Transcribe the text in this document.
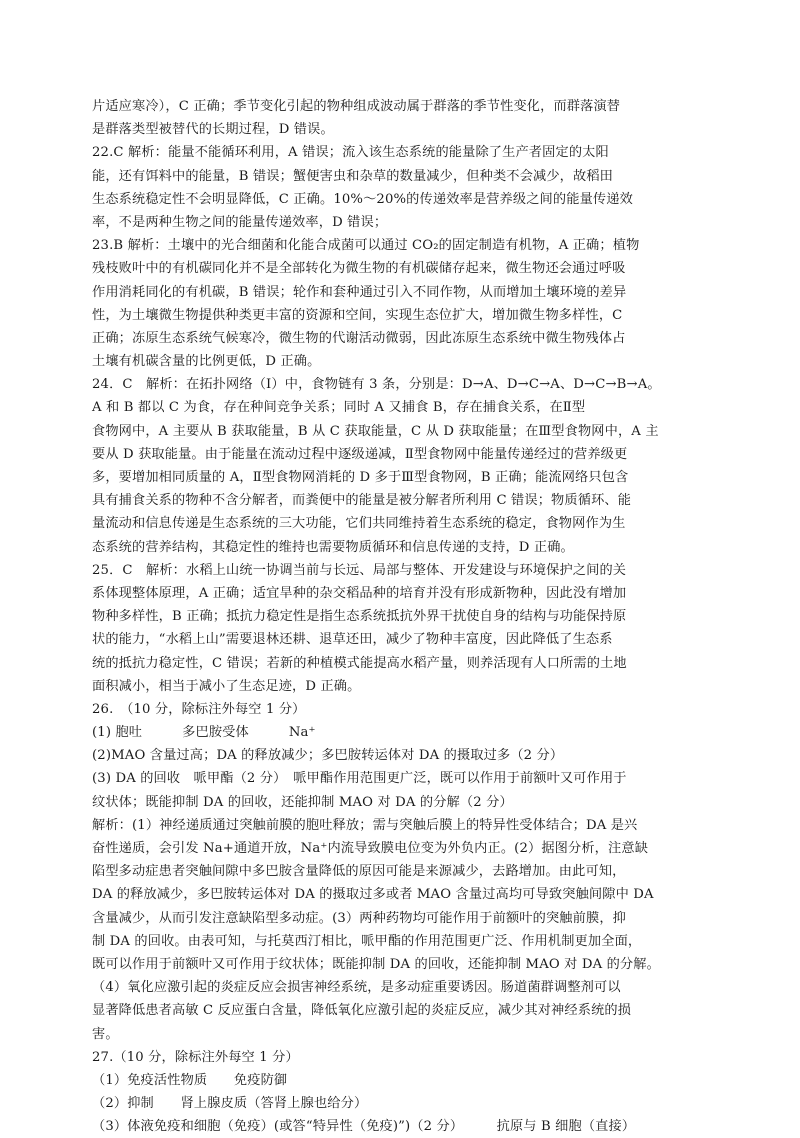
片适应寒冷），C 正确；季节变化引起的物种组成波动属于群落的季节性变化，而群落演替
是群落类型被替代的长期过程，D 错误。
22.C 解析：能量不能循环利用，A 错误；流入该生态系统的能量除了生产者固定的太阳
能，还有饵料中的能量，B 错误；蟹便害虫和杂草的数量减少，但种类不会减少，故稻田
生态系统稳定性不会明显降低，C 正确。10%～20%的传递效率是营养级之间的能量传递效
率，不是两种生物之间的能量传递效率，D 错误；
23.B 解析：土壤中的光合细菌和化能合成菌可以通过 CO₂的固定制造有机物，A 正确；植物
残枝败叶中的有机碳同化并不是全部转化为微生物的有机碳储存起来，微生物还会通过呼吸
作用消耗同化的有机碳，B 错误；轮作和套种通过引入不同作物，从而增加土壤环境的差异
性，为土壤微生物提供种类更丰富的资源和空间，实现生态位扩大，增加微生物多样性，C
正确；冻原生态系统气候寒冷，微生物的代谢活动微弱，因此冻原生态系统中微生物残体占
土壤有机碳含量的比例更低，D 正确。
24．C　解析：在拓扑网络（Ⅰ）中，食物链有 3 条，分别是：D→A、D→C→A、D→C→B→A。
A 和 B 都以 C 为食，存在种间竞争关系；同时 A 又捕食 B，存在捕食关系，在Ⅱ型
食物网中，A 主要从 B 获取能量，B 从 C 获取能量，C 从 D 获取能量；在Ⅲ型食物网中，A 主
要从 D 获取能量。由于能量在流动过程中逐级递减，Ⅱ型食物网中能量传递经过的营养级更
多，要增加相同质量的 A，Ⅱ型食物网消耗的 D 多于Ⅲ型食物网，B 正确；能流网络只包含
具有捕食关系的物种不含分解者，而粪便中的能量是被分解者所利用 C 错误；物质循环、能
量流动和信息传递是生态系统的三大功能，它们共同维持着生态系统的稳定，食物网作为生
态系统的营养结构，其稳定性的维持也需要物质循环和信息传递的支持，D 正确。
25．C　解析：水稻上山统一协调当前与长远、局部与整体、开发建设与环境保护之间的关
系体现整体原理，A 正确；适宜旱种的杂交稻品种的培育并没有形成新物种，因此没有增加
物种多样性，B 正确；抵抗力稳定性是指生态系统抵抗外界干扰使自身的结构与功能保持原
状的能力，“水稻上山”需要退林还耕、退草还田，减少了物种丰富度，因此降低了生态系
统的抵抗力稳定性，C 错误；若新的种植模式能提高水稻产量，则养活现有人口所需的土地
面积减小，相当于减小了生态足迹，D 正确。
26.　（10 分，除标注外每空 1 分）
(1) 胞吐　　　多巴胺受体　　　Na⁺
(2)MAO 含量过高；DA 的释放减少；多巴胺转运体对 DA 的摄取过多（2 分）
(3) DA 的回收　哌甲酯（2 分）　哌甲酯作用范围更广泛，既可以作用于前额叶又可作用于
纹状体；既能抑制 DA 的回收，还能抑制 MAO 对 DA 的分解（2 分）
解析：(1）神经递质通过突触前膜的胞吐释放；需与突触后膜上的特异性受体结合；DA 是兴
奋性递质，会引发 Na+通道开放，Na⁺内流导致膜电位变为外负内正。(2）据图分析，注意缺
陷型多动症患者突触间隙中多巴胺含量降低的原因可能是来源减少，去路增加。由此可知，
DA 的释放减少，多巴胺转运体对 DA 的摄取过多或者 MAO 含量过高均可导致突触间隙中 DA
含量减少，从而引发注意缺陷型多动症。(3）两种药物均可能作用于前额叶的突触前膜，抑
制 DA 的回收。由表可知，与托莫西汀相比，哌甲酯的作用范围更广泛、作用机制更加全面，
既可以作用于前额叶又可作用于纹状体；既能抑制 DA 的回收，还能抑制 MAO 对 DA 的分解。
（4）氧化应激引起的炎症反应会损害神经系统，是多动症重要诱因。肠道菌群调整剂可以
显著降低患者高敏 C 反应蛋白含量，降低氧化应激引起的炎症反应，减少其对神经系统的损
害。
27.（10 分，除标注外每空 1 分）
（1）免疫活性物质　　免疫防御
（2）抑制　　肾上腺皮质（答肾上腺也给分）
（3）体液免疫和细胞（免疫）(或答“特异性（免疫)”)（2 分）　　　抗原与 B 细胞（直接）
